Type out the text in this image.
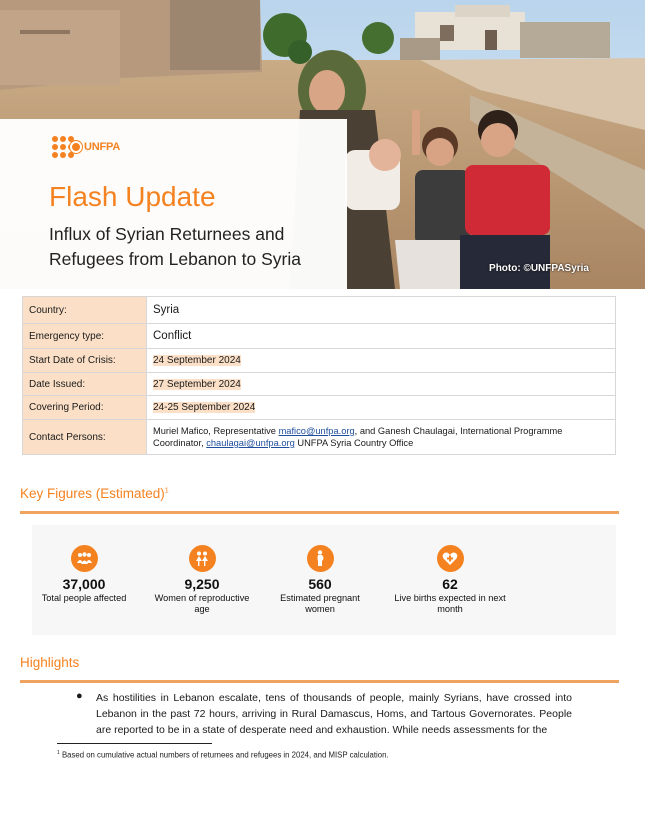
UNFPA
Flash Update
Influx of Syrian Returnees and Refugees from Lebanon to Syria	Photo: ©UNFPASyria
Country:	Syria
Emergency type:	Conflict
Start Date of Crisis:	24 September 2024
Date Issued:	27 September 2024
Covering Period:	24-25 September 2024
Contact Persons:	Muriel Mafico, Representative mafico@unfpa.org, and Ganesh Chaulagai, International Programme Coordinator, chaulagai@unfpa.org UNFPA Syria Country Office
Key Figures (Estimated)$^1$
37,000
Total people affected
9,250
Women of reproductive age
560
Estimated pregnant women
62
Live births expected in next month
Highlights
● As hostilities in Lebanon escalate, tens of thousands of people, mainly Syrians, have crossed into Lebanon in the past 72 hours, arriving in Rural Damascus, Homs, and Tartous Governorates. People are reported to be in a state of desperate need and exhaustion. While needs assessments for the
$^1$ Based on cumulative actual numbers of returnees and refugees in 2024, and MISP calculation.
